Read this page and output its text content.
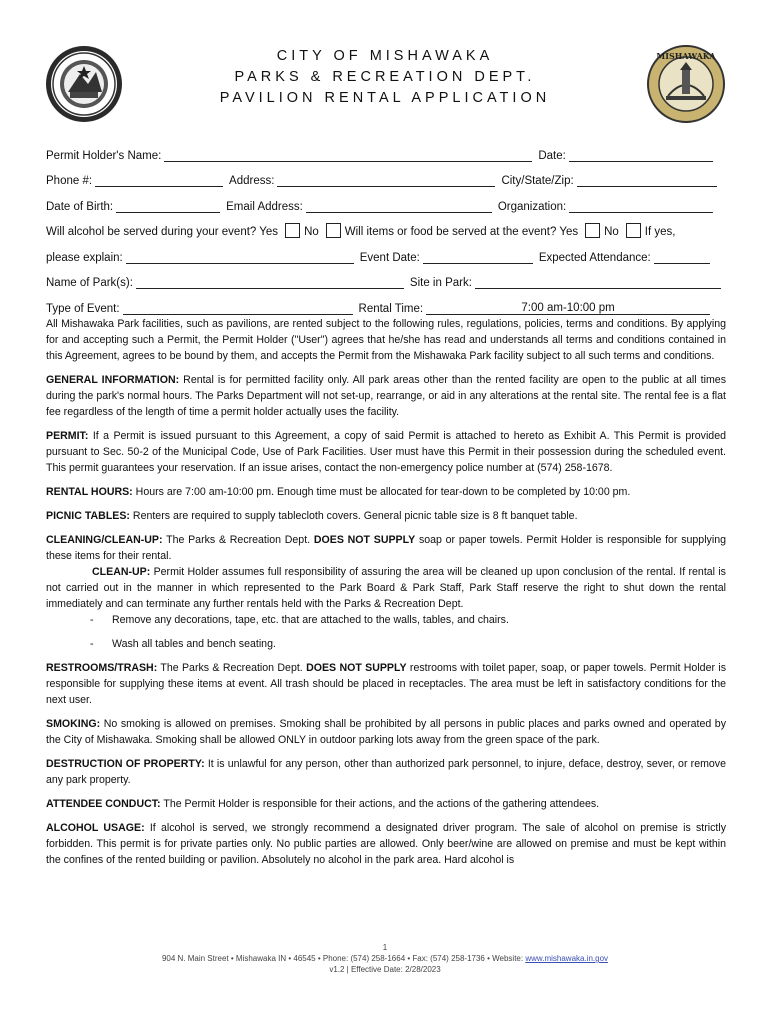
CITY OF MISHAWAKA
PARKS & RECREATION DEPT.
PAVILION RENTAL APPLICATION
MISHAWAKA
Permit Holder's Name:	Date:
Phone #:	Address:	City/State/Zip:
Date of Birth:	Email Address:	Organization:
Will alcohol be served during your event? Yes No Will items or food be served at the event? Yes No If yes,
please explain:	Event Date:	Expected Attendance:
Name of Park(s):	Site in Park:
Type of Event:	Rental Time:	7:00 am-10:00 pm

All Mishawaka Park facilities, such as pavilions, are rented subject to the following rules, regulations, policies, terms and conditions. By applying for and accepting such a Permit, the Permit Holder ("User") agrees that he/she has read and understands all terms and conditions contained in this Agreement, agrees to be bound by them, and accepts the Permit from the Mishawaka Park facility subject to all such terms and conditions.

GENERAL INFORMATION: Rental is for permitted facility only. All park areas other than the rented facility are open to the public at all times during the park's normal hours. The Parks Department will not set-up, rearrange, or aid in any alterations at the rental site. The rental fee is a flat fee regardless of the length of time a permit holder actually uses the facility.

PERMIT: If a Permit is issued pursuant to this Agreement, a copy of said Permit is attached to hereto as Exhibit A. This Permit is provided pursuant to Sec. 50-2 of the Municipal Code, Use of Park Facilities. User must have this Permit in their possession during the scheduled event. This permit guarantees your reservation. If an issue arises, contact the non-emergency police number at (574) 258-1678.

RENTAL HOURS: Hours are 7:00 am-10:00 pm. Enough time must be allocated for tear-down to be completed by 10:00 pm.

PICNIC TABLES: Renters are required to supply tablecloth covers. General picnic table size is 8 ft banquet table.

CLEANING/CLEAN-UP: The Parks & Recreation Dept. DOES NOT SUPPLY soap or paper towels. Permit Holder is responsible for supplying these items for their rental.

CLEAN-UP: Permit Holder assumes full responsibility of assuring the area will be cleaned up upon conclusion of the rental. If rental is not carried out in the manner in which represented to the Park Board & Park Staff, Park Staff reserve the right to shut down the rental immediately and can terminate any further rentals held with the Parks & Recreation Dept.

-	Remove any decorations, tape, etc. that are attached to the walls, tables, and chairs.

-	Wash all tables and bench seating.

RESTROOMS/TRASH: The Parks & Recreation Dept. DOES NOT SUPPLY restrooms with toilet paper, soap, or paper towels. Permit Holder is responsible for supplying these items at event. All trash should be placed in receptacles. The area must be left in satisfactory conditions for the next user.

SMOKING: No smoking is allowed on premises. Smoking shall be prohibited by all persons in public places and parks owned and operated by the City of Mishawaka. Smoking shall be allowed ONLY in outdoor parking lots away from the green space of the park.

DESTRUCTION OF PROPERTY: It is unlawful for any person, other than authorized park personnel, to injure, deface, destroy, sever, or remove any park property.

ATTENDEE CONDUCT: The Permit Holder is responsible for their actions, and the actions of the gathering attendees.

ALCOHOL USAGE: If alcohol is served, we strongly recommend a designated driver program. The sale of alcohol on premise is strictly forbidden. This permit is for private parties only. No public parties are allowed. Only beer/wine are allowed on premise and must be kept within the confines of the rented building or pavilion. Absolutely no alcohol in the park area. Hard alcohol is

1
904 N. Main Street • Mishawaka IN • 46545 • Phone: (574) 258-1664 • Fax: (574) 258-1736 • Website: www.mishawaka.in.gov
v1.2 | Effective Date: 2/28/2023
